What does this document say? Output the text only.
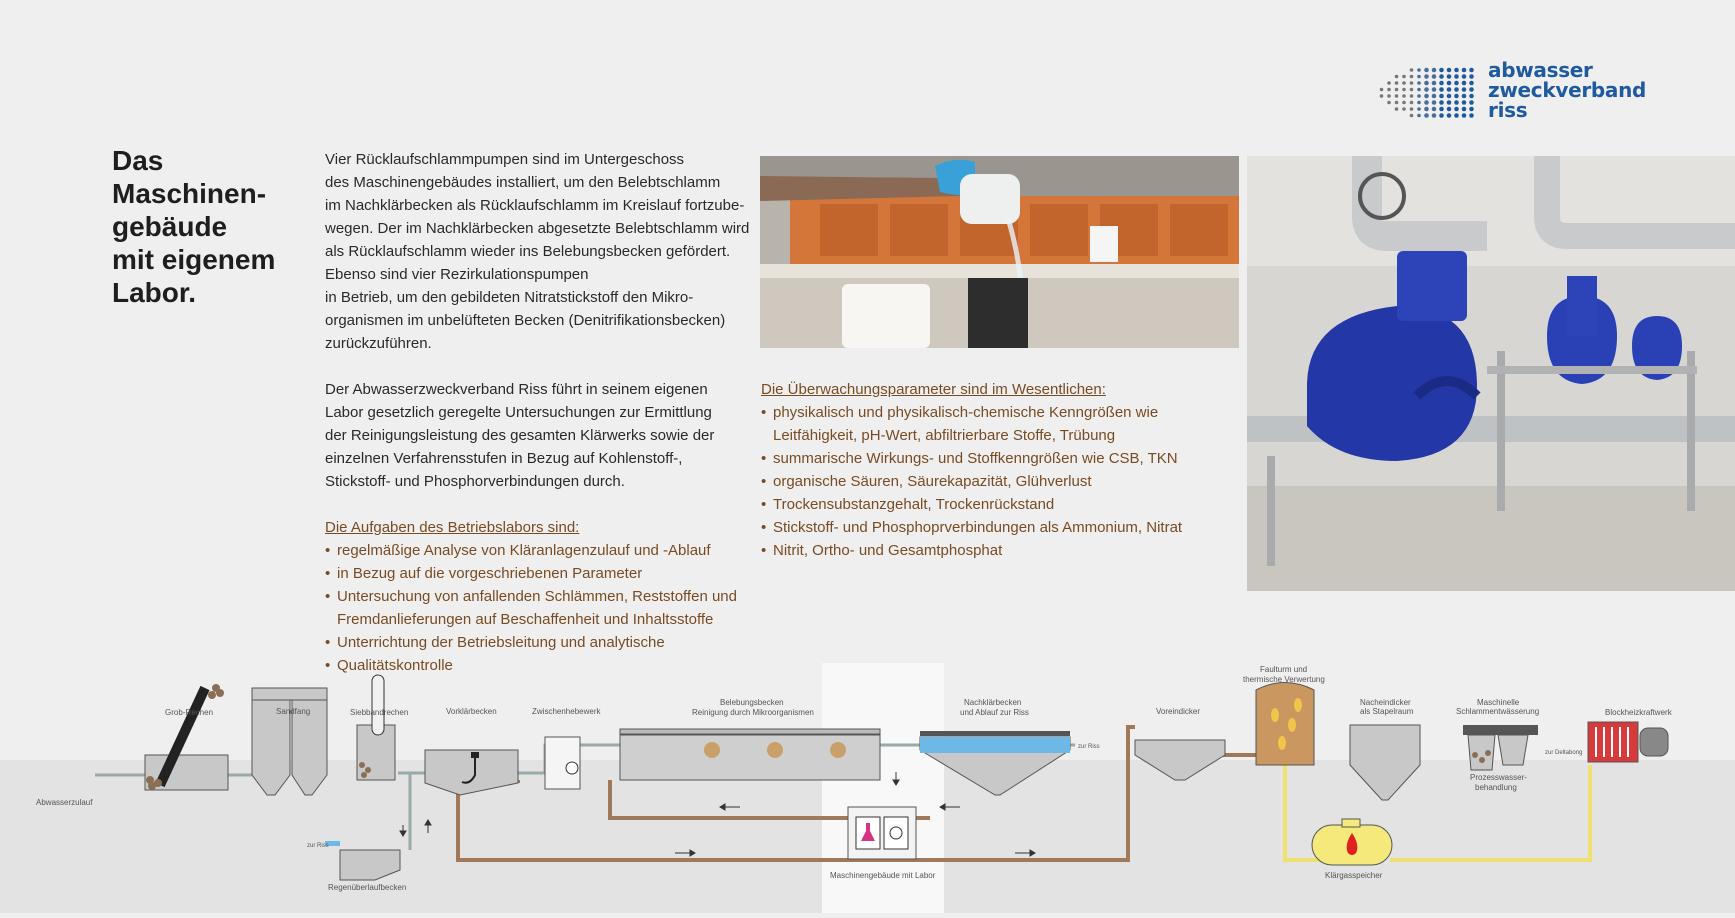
abwasser
zweckverband
riss
Das
Maschinen-
gebäude
mit eigenem
Labor.
Vier Rücklaufschlammpumpen sind im Untergeschoss
des Maschinengebäudes installiert, um den Belebtschlamm
im Nachklärbecken als Rücklaufschlamm im Kreislauf fortzube-
wegen. Der im Nachklärbecken abgesetzte Belebtschlamm wird
als Rücklaufschlamm wieder ins Belebungsbecken gefördert.
Ebenso sind vier Rezirkulationspumpen
in Betrieb, um den gebildeten Nitratstickstoff den Mikro-
organismen im unbelüfteten Becken (Denitrifikationsbecken)
zurückzuführen.
Der Abwasserzweckverband Riss führt in seinem eigenen
Labor gesetzlich geregelte Untersuchungen zur Ermittlung
der Reinigungsleistung des gesamten Klärwerks sowie der
einzelnen Verfahrensstufen in Bezug auf Kohlenstoff-,
Stickstoff- und Phosphorverbindungen durch.
Die Aufgaben des Betriebslabors sind:
• regelmäßige Analyse von Kläranlagenzulauf und -Ablauf
• in Bezug auf die vorgeschriebenen Parameter
• Untersuchung von anfallenden Schlämmen, Reststoffen und
Fremdanlieferungen auf Beschaffenheit und Inhaltsstoffe
• Unterrichtung der Betriebsleitung und analytische
• Qualitätskontrolle
Die Überwachungsparameter sind im Wesentlichen:
• physikalisch und physikalisch-chemische Kenngrößen wie
Leitfähigkeit, pH-Wert, abfiltrierbare Stoffe, Trübung
• summarische Wirkungs- und Stoffkenngrößen wie CSB, TKN
• organische Säuren, Säurekapazität, Glühverlust
• Trockensubstanzgehalt, Trockenrückstand
• Stickstoff- und Phosphoprverbindungen als Ammonium, Nitrat
• Nitrit, Ortho- und Gesamtphosphat
Abwasserzulauf
Grob-Rechen	Sandfang	Siebbandrechen	Vorklärbecken	Zwischenhebewerk
Belebungsbecken
Reinigung durch Mikroorganismen
Nachklärbecken
und Ablauf zur Riss
zur Riss
Voreindicker
Faulturm und
thermische Verwertung
Nacheindicker
als Stapelraum
Maschinelle
Schlammentwässerung
zur Deltabong
Prozesswasser-
behandlung
Blockheizkraftwerk
zur Riss
Regenüberlaufbecken
Maschinengebäude mit Labor	Klärgasspeicher
